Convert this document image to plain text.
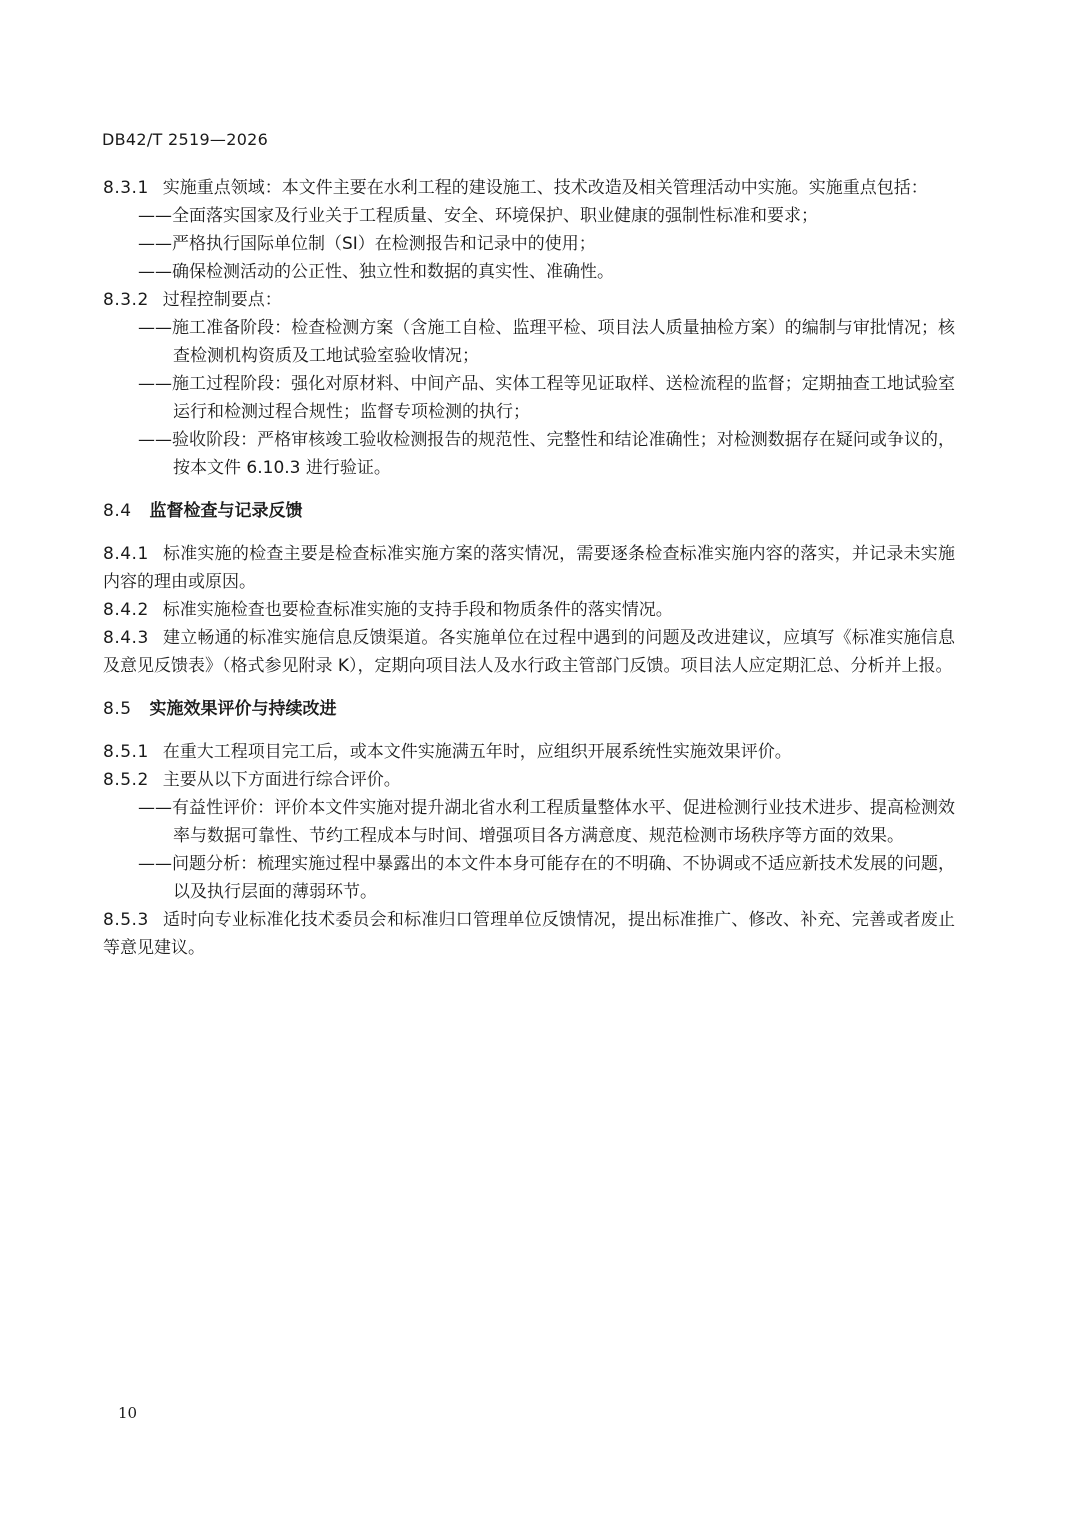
DB42/T 2519—2026

8.3.1 实施重点领域：本文件主要在水利工程的建设施工、技术改造及相关管理活动中实施。实施重点包括：

——全面落实国家及行业关于工程质量、安全、环境保护、职业健康的强制性标准和要求；

——严格执行国际单位制（SI）在检测报告和记录中的使用；

——确保检测活动的公正性、独立性和数据的真实性、准确性。

8.3.2 过程控制要点：

——施工准备阶段：检查检测方案（含施工自检、监理平检、项目法人质量抽检方案）的编制与审批情况；核查检测机构资质及工地试验室验收情况；

——施工过程阶段：强化对原材料、中间产品、实体工程等见证取样、送检流程的监督；定期抽查工地试验室运行和检测过程合规性；监督专项检测的执行；

——验收阶段：严格审核竣工验收检测报告的规范性、完整性和结论准确性；对检测数据存在疑问或争议的，按本文件 6.10.3 进行验证。

8.4 监督检查与记录反馈

8.4.1 标准实施的检查主要是检查标准实施方案的落实情况，需要逐条检查标准实施内容的落实，并记录未实施内容的理由或原因。

8.4.2 标准实施检查也要检查标准实施的支持手段和物质条件的落实情况。

8.4.3 建立畅通的标准实施信息反馈渠道。各实施单位在过程中遇到的问题及改进建议，应填写《标准实施信息及意见反馈表》（格式参见附录 K），定期向项目法人及水行政主管部门反馈。项目法人应定期汇总、分析并上报。

8.5 实施效果评价与持续改进

8.5.1 在重大工程项目完工后，或本文件实施满五年时，应组织开展系统性实施效果评价。

8.5.2 主要从以下方面进行综合评价。

——有益性评价：评价本文件实施对提升湖北省水利工程质量整体水平、促进检测行业技术进步、提高检测效率与数据可靠性、节约工程成本与时间、增强项目各方满意度、规范检测市场秩序等方面的效果。

——问题分析：梳理实施过程中暴露出的本文件本身可能存在的不明确、不协调或不适应新技术发展的问题，以及执行层面的薄弱环节。

8.5.3 适时向专业标准化技术委员会和标准归口管理单位反馈情况，提出标准推广、修改、补充、完善或者废止等意见建议。

10
